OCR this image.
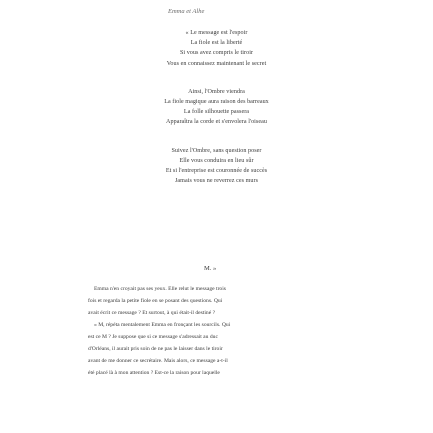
Emma et Alhe
« Le message est l'espoir
La fiole est la liberté
Si vous avez compris le tiroir
Vous en connaissez maintenant le secret
Ainsi, l'Ombre viendra
La fiole magique aura raison des barreaux
La folle silhouette passera
Apparaîtra la corde et s'envolera l'oiseau
Suivez l'Ombre, sans question poser
Elle vous conduira en lieu sûr
Et si l'entreprise est couronnée de succès
Jamais vous ne reverrez ces murs
M. »

Emma n'en croyait pas ses yeux. Elle relut le message trois

fois et regarda la petite fiole en se posant des questions. Qui

avait écrit ce message ? Et surtout, à qui était-il destiné ?

« M, répéta mentalement Emma en fronçant les sourcils. Qui

est ce M ? Je suppose que si ce message s'adressait au duc

d'Orléans, il aurait pris soin de ne pas le laisser dans le tiroir

avant de me donner ce secrétaire. Mais alors, ce message a-t-il

été placé là à mon attention ? Est-ce la raison pour laquelle
